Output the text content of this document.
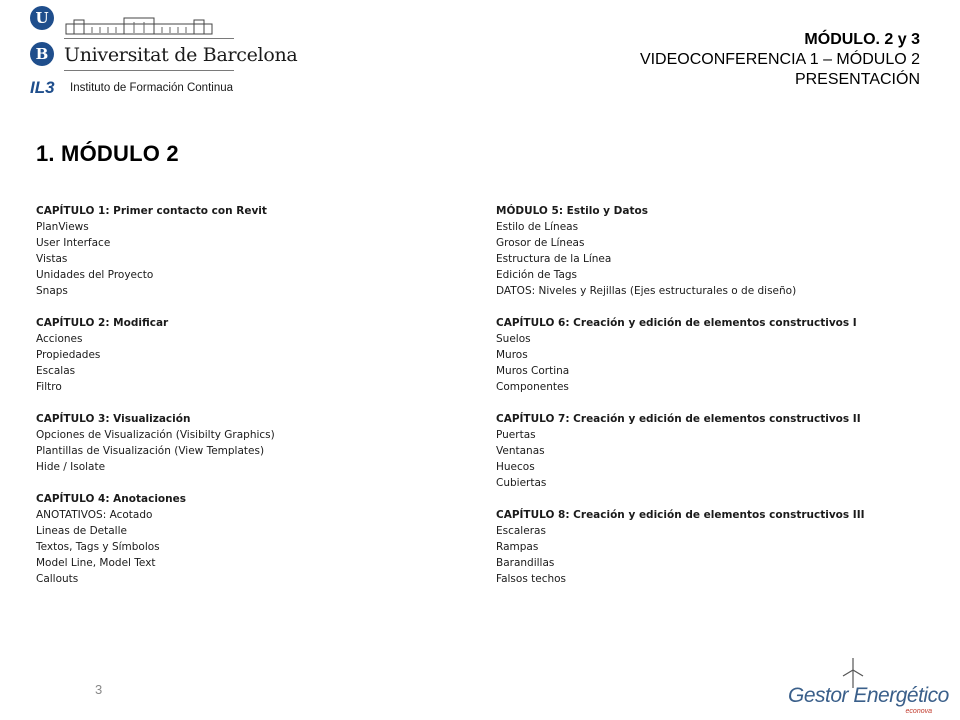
U
B Universitat de Barcelona
IL3 Instituto de Formación Continua
MÓDULO. 2 y 3
VIDEOCONFERENCIA 1 – MÓDULO 2
PRESENTACIÓN
1. MÓDULO 2
CAPÍTULO 1: Primer contacto con Revit
PlanViews
User Interface
Vistas
Unidades del Proyecto
Snaps
CAPÍTULO 2: Modificar
Acciones
Propiedades
Escalas
Filtro
CAPÍTULO 3: Visualización
Opciones de Visualización (Visibilty Graphics)
Plantillas de Visualización (View Templates)
Hide / Isolate
CAPÍTULO 4: Anotaciones
ANOTATIVOS: Acotado
Lineas de Detalle
Textos, Tags y Símbolos
Model Line, Model Text
Callouts
MÓDULO 5: Estilo y Datos
Estilo de Líneas
Grosor de Líneas
Estructura de la Línea
Edición de Tags
DATOS: Niveles y Rejillas (Ejes estructurales o de diseño)
CAPÍTULO 6: Creación y edición de elementos constructivos I
Suelos
Muros
Muros Cortina
Componentes
CAPÍTULO 7: Creación y edición de elementos constructivos II
Puertas
Ventanas
Huecos
Cubiertas
CAPÍTULO 8: Creación y edición de elementos constructivos III
Escaleras
Rampas
Barandillas
Falsos techos
3	Gestor Energético
econova
